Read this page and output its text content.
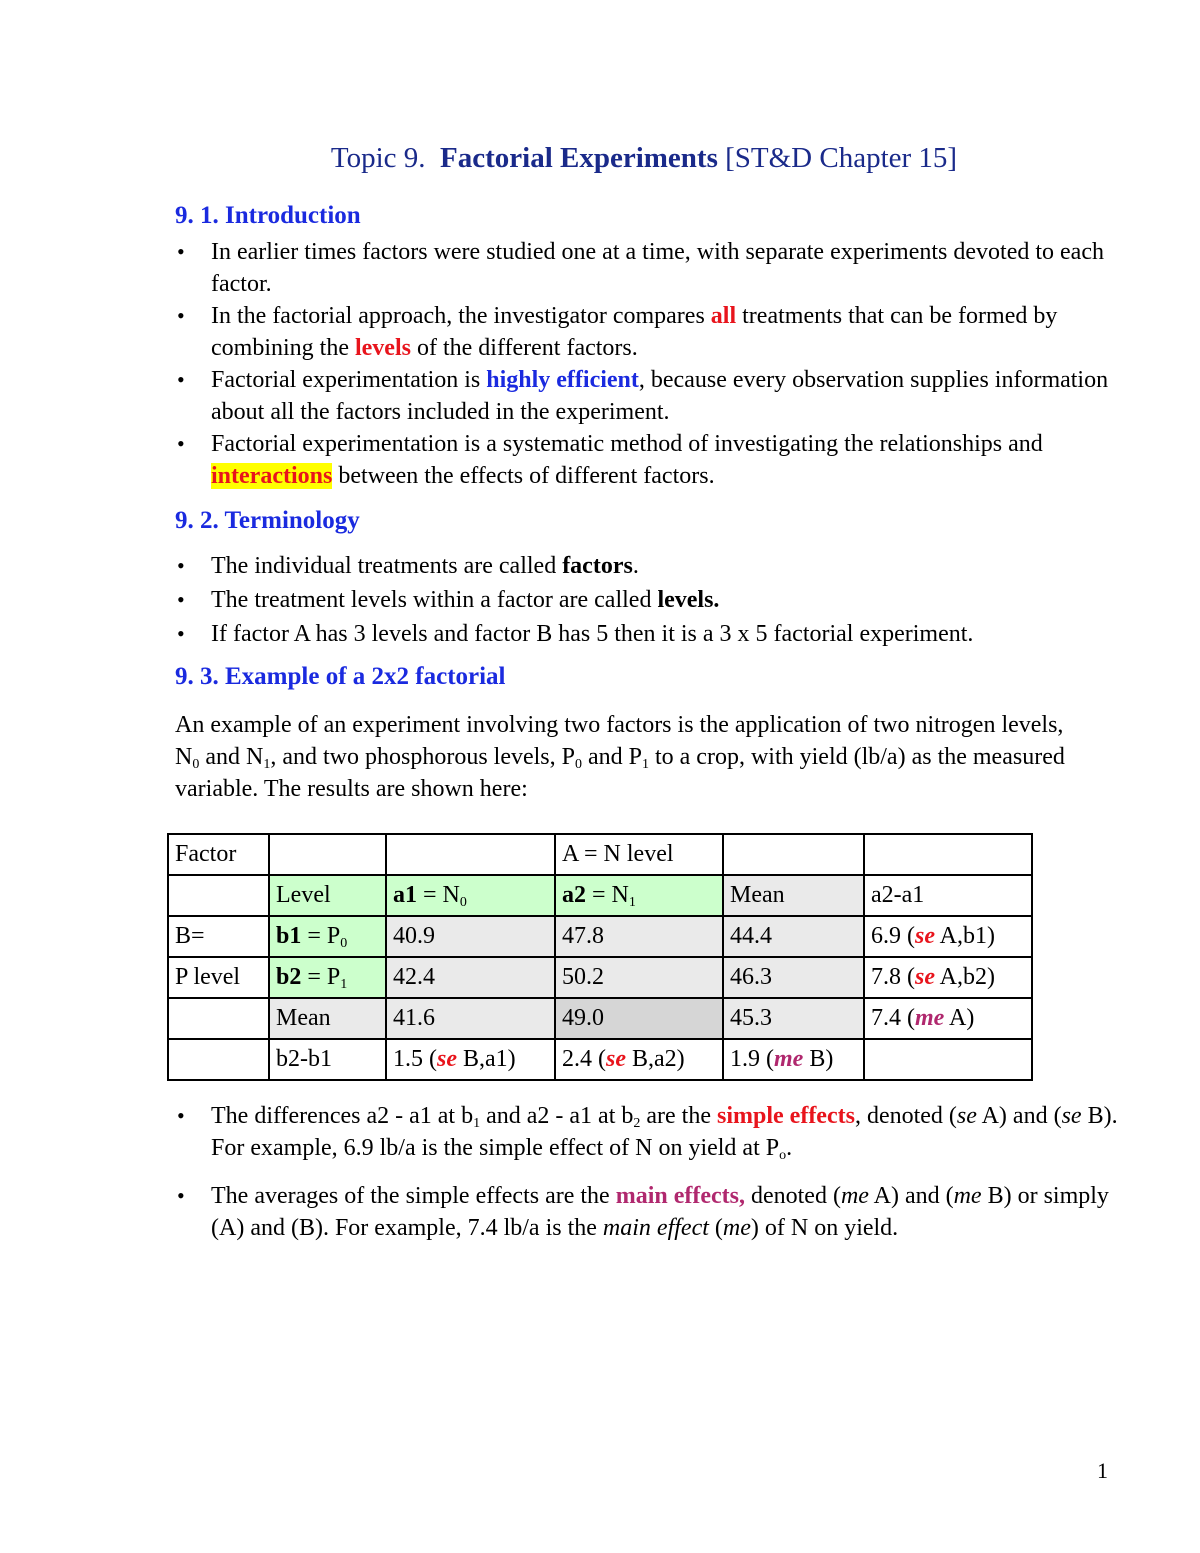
Topic 9. Factorial Experiments [ST&D Chapter 15]
9. 1. Introduction
• In earlier times factors were studied one at a time, with separate experiments devoted to each factor.
• In the factorial approach, the investigator compares all treatments that can be formed by combining the levels of the different factors.
• Factorial experimentation is highly efficient, because every observation supplies information about all the factors included in the experiment.
• Factorial experimentation is a systematic method of investigating the relationships and interactions between the effects of different factors.
9. 2. Terminology
• The individual treatments are called factors.
• The treatment levels within a factor are called levels.
• If factor A has 3 levels and factor B has 5 then it is a 3 x 5 factorial experiment.
9. 3. Example of a 2x2 factorial
An example of an experiment involving two factors is the application of two nitrogen levels, $N_0$ and $N_1$, and two phosphorous levels, $P_0$ and $P_1$ to a crop, with yield (lb/a) as the measured variable. The results are shown here:
Factor			A = N level		
	Level	$a1 = N_0$	$a2 = N_1$	Mean	a2-a1
B=	$b1 = P_0$	40.9	47.8	44.4	6.9 (se A,b1)
P level	$b2 = P_1$	42.4	50.2	46.3	7.8 (se A,b2)
	Mean	41.6	49.0	45.3	7.4 (me A)
	b2-b1	1.5 (se B,a1)	2.4 (se B,a2)	1.9 (me B)	
• The differences a2 - a1 at $b_1$ and a2 - a1 at $b_2$ are the simple effects, denoted (se A) and (se B). For example, 6.9 lb/a is the simple effect of N on yield at $P_o$.
• The averages of the simple effects are the main effects, denoted (me A) and (me B) or simply (A) and (B). For example, 7.4 lb/a is the main effect (me) of N on yield.
1
